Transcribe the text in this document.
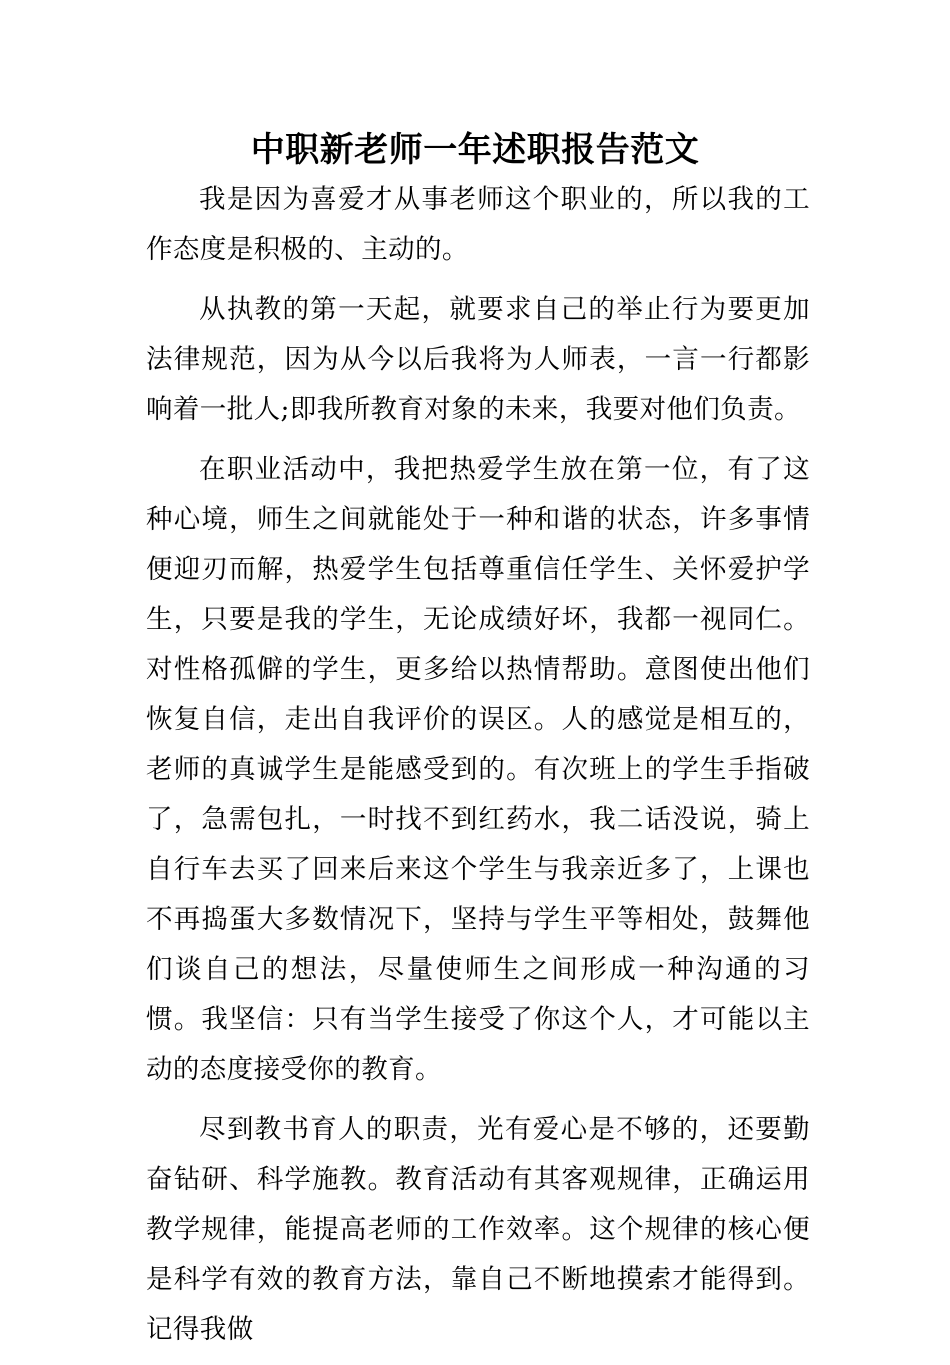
中职新老师一年述职报告范文

我是因为喜爱才从事老师这个职业的，所以我的工作态度是积极的、主动的。

从执教的第一天起，就要求自己的举止行为要更加法律规范，因为从今以后我将为人师表，一言一行都影响着一批人;即我所教育对象的未来，我要对他们负责。

在职业活动中，我把热爱学生放在第一位，有了这种心境，师生之间就能处于一种和谐的状态，许多事情便迎刃而解，热爱学生包括尊重信任学生、关怀爱护学生，只要是我的学生，无论成绩好坏，我都一视同仁。对性格孤僻的学生，更多给以热情帮助。意图使出他们恢复自信，走出自我评价的误区。人的感觉是相互的，老师的真诚学生是能感受到的。有次班上的学生手指破了，急需包扎，一时找不到红药水，我二话没说，骑上自行车去买了回来后来这个学生与我亲近多了，上课也不再捣蛋大多数情况下，坚持与学生平等相处，鼓舞他们谈自己的想法，尽量使师生之间形成一种沟通的习惯。我坚信：只有当学生接受了你这个人，才可能以主动的态度接受你的教育。

尽到教书育人的职责，光有爱心是不够的，还要勤奋钻研、科学施教。教育活动有其客观规律，正确运用教学规律，能提高老师的工作效率。这个规律的核心便是科学有效的教育方法，靠自己不断地摸索才能得到。记得我做
